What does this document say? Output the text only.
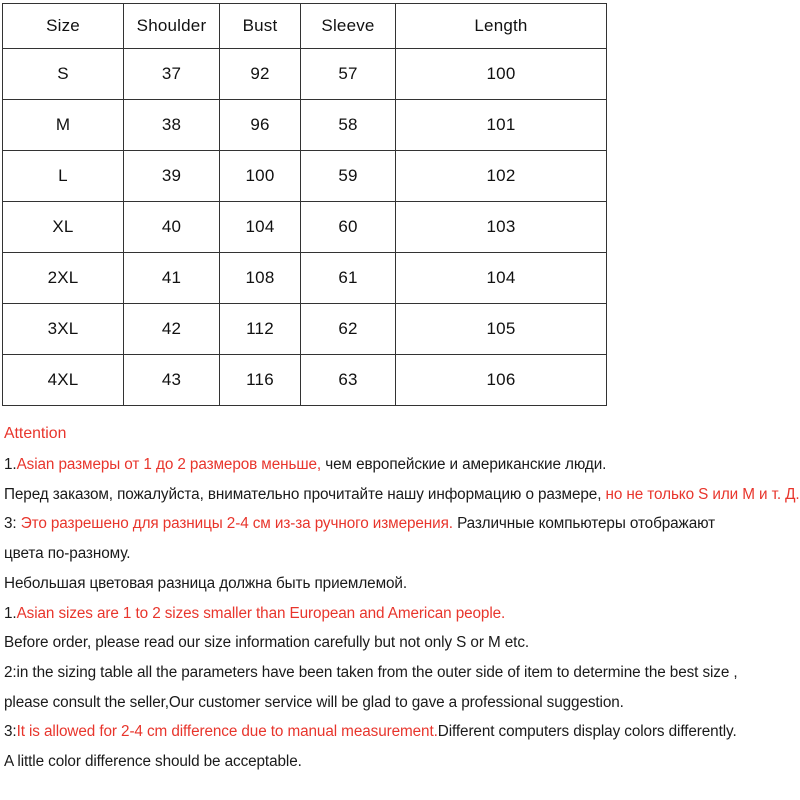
Size	Shoulder	Bust	Sleeve	Length
S	37	92	57	100
M	38	96	58	101
L	39	100	59	102
XL	40	104	60	103
2XL	41	108	61	104
3XL	42	112	62	105
4XL	43	116	63	106
Attention
1.Asian размеры от 1 до 2 размеров меньше, чем европейские и американские люди.
Перед заказом, пожалуйста, внимательно прочитайте нашу информацию о размере, но не только S или М и т. Д.
3: Это разрешено для разницы 2-4 см из-за ручного измерения. Различные компьютеры отображают
цвета по-разному.
Небольшая цветовая разница должна быть приемлемой.
1.Asian sizes are 1 to 2 sizes smaller than European and American people.
Before order, please read our size information carefully but not only S or M etc.
2:in the sizing table all the parameters have been taken from the outer side of item to determine the best size ,
please consult the seller,Our customer service will be glad to gave a professional suggestion.
3:It is allowed for 2-4 cm difference due to manual measurement.Different computers display colors differently.
A little color difference should be acceptable.
